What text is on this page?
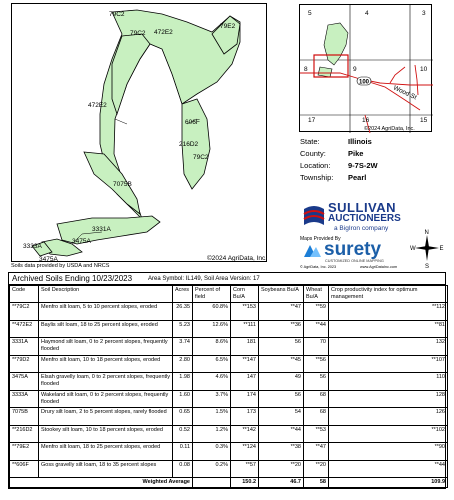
79C2
79E2
79C2 472E2
472E2
606F
216D2
79C2
7075B
3331A
3475A
3333A
3475A	©2024 AgriData, Inc.
Soils data provided by USDA and NRCS
100
Wood St
5	4	3
8	9	10
17	16	15
©2024 AgriData, Inc.
State:	Illinois
County:	Pike
Location:	9-7S-2W
Township:	Pearl
SULLIVAN
AUCTIONEERS
a BigIron company
Maps Provided By
surety
CUSTOMIZED ONLINE MAPPING
© AgriData, Inc. 2023	www.AgriDataInc.com
N
S
E
W
Archived Soils Ending 10/23/2023	Area Symbol: IL149, Soil Area Version: 17
Code	Soil Description	Acres	Percent of field	Corn Bu/A	Soybeans Bu/A	Wheat Bu/A	Crop productivity index for optimum management
**79C2	Menfro silt loam, 5 to 10 percent slopes, eroded	26.35	60.8%	**153	**47	**59	**112
**472E2	Baylis silt loam, 18 to 25 percent slopes, eroded	5.23	12.6%	**111	**36	**44	**81
3331A	Haymond silt loam, 0 to 2 percent slopes, frequently flooded	3.74	8.6%	181	56	70	132
**79D2	Menfro silt loam, 10 to 18 percent slopes, eroded	2.80	6.5%	**147	**45	**56	**107
3475A	Elsah gravelly loam, 0 to 2 percent slopes, frequently flooded	1.98	4.6%	147	49	56	110
3333A	Wakeland silt loam, 0 to 2 percent slopes, frequently flooded	1.60	3.7%	174	56	68	128
7075B	Drury silt loam, 2 to 5 percent slopes, rarely flooded	0.65	1.5%	173	54	68	126
**216D2	Stookey silt loam, 10 to 18 percent slopes, eroded	0.52	1.2%	**142	**44	**53	**102
**79E2	Menfro silt loam, 18 to 25 percent slopes, eroded	0.11	0.3%	**124	**38	**47	**90
**606F	Goss gravelly silt loam, 18 to 35 percent slopes	0.08	0.2%	**57	**20	**20	**44
Weighted Average				150.2	46.7	58	109.9
